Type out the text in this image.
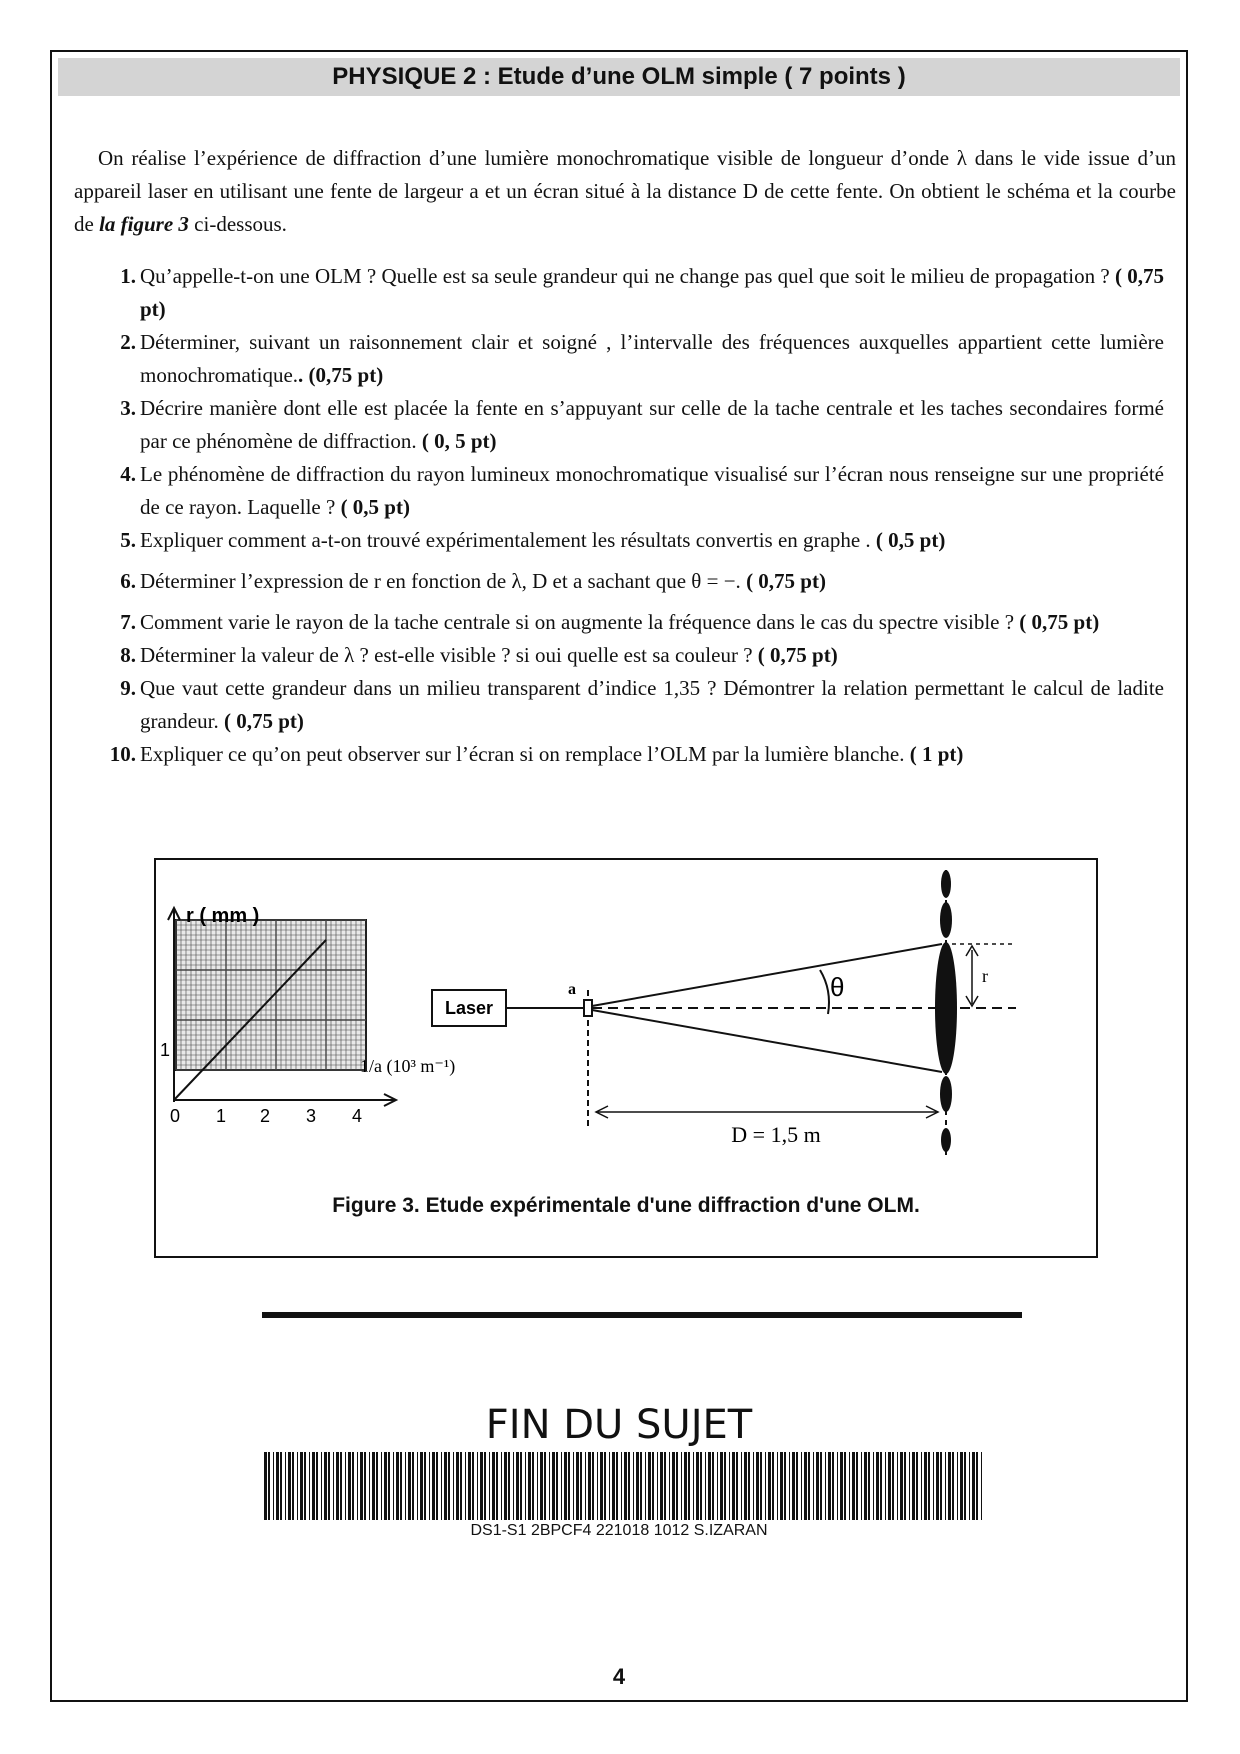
PHYSIQUE 2 : Etude d’une OLM simple ( 7 points )

On réalise l’expérience de diffraction d’une lumière monochromatique visible de longueur d’onde λ dans le vide issue d’un appareil laser en utilisant une fente de largeur a et un écran situé à la distance D de cette fente. On obtient le schéma et la courbe de la figure 3 ci-dessous.

1. Qu’appelle-t-on une OLM ? Quelle est sa seule grandeur qui ne change pas quel que soit le milieu de propagation ? ( 0,75 pt)
2. Déterminer, suivant un raisonnement clair et soigné , l’intervalle des fréquences auxquelles appartient cette lumière monochromatique.. (0,75 pt)
3. Décrire manière dont elle est placée la fente en s’appuyant sur celle de la tache centrale et les taches secondaires formé par ce phénomène de diffraction. ( 0, 5 pt)
4. Le phénomène de diffraction du rayon lumineux monochromatique visualisé sur l’écran nous renseigne sur une propriété de ce rayon. Laquelle ? ( 0,5 pt)
5. Expliquer comment a-t-on trouvé expérimentalement les résultats convertis en graphe . ( 0,5 pt)
6. Déterminer l’expression de r en fonction de λ, D et a sachant que θ = −. ( 0,75 pt)
7. Comment varie le rayon de la tache centrale si on augmente la fréquence dans le cas du spectre visible ? ( 0,75 pt)
8. Déterminer la valeur de λ ? est-elle visible ? si oui quelle est sa couleur ? ( 0,75 pt)
9. Que vaut cette grandeur dans un milieu transparent d’indice 1,35 ? Démontrer la relation permettant le calcul de ladite grandeur. ( 0,75 pt)
10. Expliquer ce qu’on peut observer sur l’écran si on remplace l’OLM par la lumière blanche. ( 1 pt)
r ( mm )
1
0 1 2 3 4
1/a (10³ m⁻¹)
Laser
a	θ	r
D = 1,5 m
Figure 3. Etude expérimentale d'une diffraction d'une OLM.
FIN DU SUJET
DS1-S1 2BPCF4 221018 1012 S.IZARAN
4
